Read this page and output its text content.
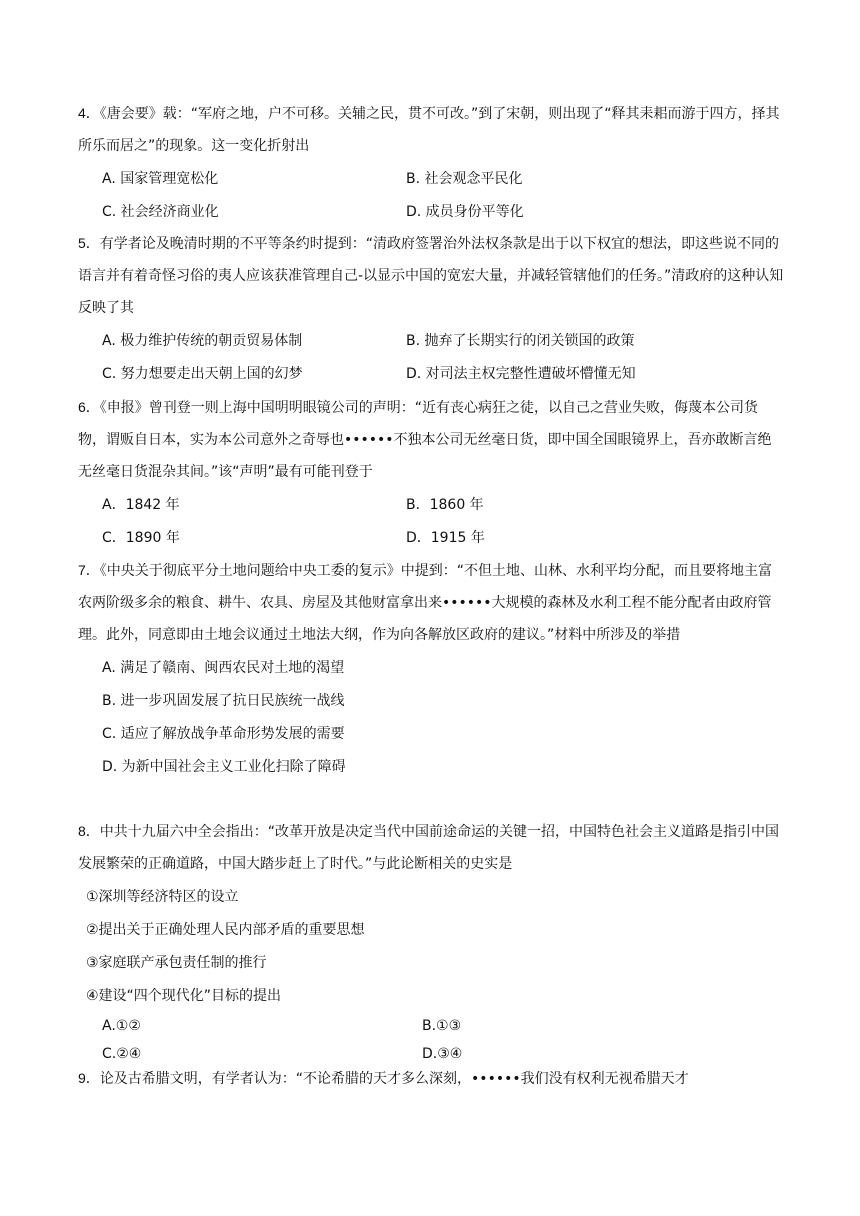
4．《唐会要》载：“军府之地，户不可移。关辅之民，贯不可改。”到了宋朝，则出现了“释其耒耜而游于四方，择其所乐而居之”的现象。这一变化折射出

A. 国家管理宽松化	B. 社会观念平民化
C. 社会经济商业化	D. 成员身份平等化

5．有学者论及晚清时期的不平等条约时提到：“清政府签署治外法权条款是出于以下权宜的想法，即这些说不同的语言并有着奇怪习俗的夷人应该获准管理自己-以显示中国的宽宏大量，并减轻管辖他们的任务。”清政府的这种认知反映了其

A. 极力维护传统的朝贡贸易体制	B. 抛弃了长期实行的闭关锁国的政策
C. 努力想要走出天朝上国的幻梦	D. 对司法主权完整性遭破坏懵懂无知

6．《申报》曾刊登一则上海中国明明眼镜公司的声明：“近有丧心病狂之徒，以自己之营业失败，侮蔑本公司货物，谓贩自日本，实为本公司意外之奇辱也••••••不独本公司无丝毫日货，即中国全国眼镜界上，吾亦敢断言绝无丝毫日货混杂其间。”该“声明”最有可能刊登于

A．1842 年	B．1860 年
C．1890 年	D．1915 年

7．《中央关于彻底平分土地问题给中央工委的复示》中提到：“不但土地、山林、水利平均分配，而且要将地主富农两阶级多余的粮食、耕牛、农具、房屋及其他财富拿出来••••••大规模的森林及水利工程不能分配者由政府管理。此外，同意即由土地会议通过土地法大纲，作为向各解放区政府的建议。”材料中所涉及的举措

A. 满足了赣南、闽西农民对土地的渴望
B. 进一步巩固发展了抗日民族统一战线
C. 适应了解放战争革命形势发展的需要
D. 为新中国社会主义工业化扫除了障碍

8．中共十九届六中全会指出：“改革开放是决定当代中国前途命运的关键一招，中国特色社会主义道路是指引中国发展繁荣的正确道路，中国大踏步赶上了时代。”与此论断相关的史实是

①深圳等经济特区的设立
②提出关于正确处理人民内部矛盾的重要思想
③家庭联产承包责任制的推行
④建设“四个现代化”目标的提出
A.①②	B.①③
C.②④	D.③④

9．论及古希腊文明，有学者认为：“不论希腊的天才多么深刻，••••••我们没有权利无视希腊天才
